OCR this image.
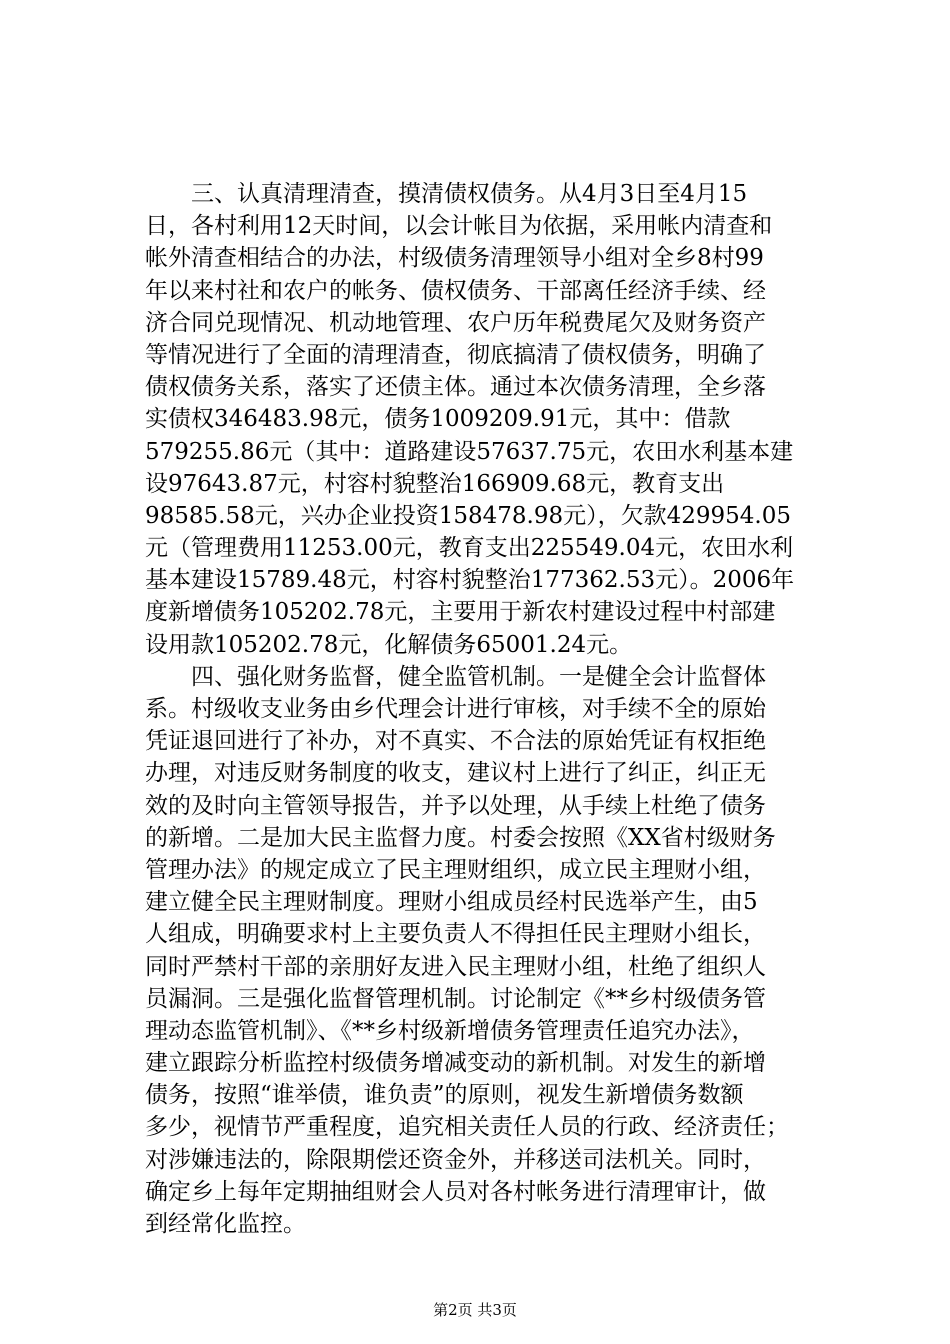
　　三、认真清理清查，摸清债权债务。从4月3日至4月15
日，各村利用12天时间，以会计帐目为依据，采用帐内清查和
帐外清查相结合的办法，村级债务清理领导小组对全乡8村99
年以来村社和农户的帐务、债权债务、干部离任经济手续、经
济合同兑现情况、机动地管理、农户历年税费尾欠及财务资产
等情况进行了全面的清理清查，彻底搞清了债权债务，明确了
债权债务关系，落实了还债主体。通过本次债务清理，全乡落
实债权346483.98元，债务1009209.91元，其中：借款
579255.86元（其中：道路建设57637.75元，农田水利基本建
设97643.87元，村容村貌整治166909.68元，教育支出
98585.58元，兴办企业投资158478.98元），欠款429954.05
元（管理费用11253.00元，教育支出225549.04元，农田水利
基本建设15789.48元，村容村貌整治177362.53元）。2006年
度新增债务105202.78元，主要用于新农村建设过程中村部建
设用款105202.78元，化解债务65001.24元。
　　四、强化财务监督，健全监管机制。一是健全会计监督体
系。村级收支业务由乡代理会计进行审核，对手续不全的原始
凭证退回进行了补办，对不真实、不合法的原始凭证有权拒绝
办理，对违反财务制度的收支，建议村上进行了纠正，纠正无
效的及时向主管领导报告，并予以处理，从手续上杜绝了债务
的新增。二是加大民主监督力度。村委会按照《XX省村级财务
管理办法》的规定成立了民主理财组织，成立民主理财小组，
建立健全民主理财制度。理财小组成员经村民选举产生，由5
人组成，明确要求村上主要负责人不得担任民主理财小组长，
同时严禁村干部的亲朋好友进入民主理财小组，杜绝了组织人
员漏洞。三是强化监督管理机制。讨论制定《**乡村级债务管
理动态监管机制》、《**乡村级新增债务管理责任追究办法》，
建立跟踪分析监控村级债务增减变动的新机制。对发生的新增
债务，按照“谁举债，谁负责”的原则，视发生新增债务数额
多少，视情节严重程度，追究相关责任人员的行政、经济责任；
对涉嫌违法的，除限期偿还资金外，并移送司法机关。同时，
确定乡上每年定期抽组财会人员对各村帐务进行清理审计，做
到经常化监控。
第2页 共3页
